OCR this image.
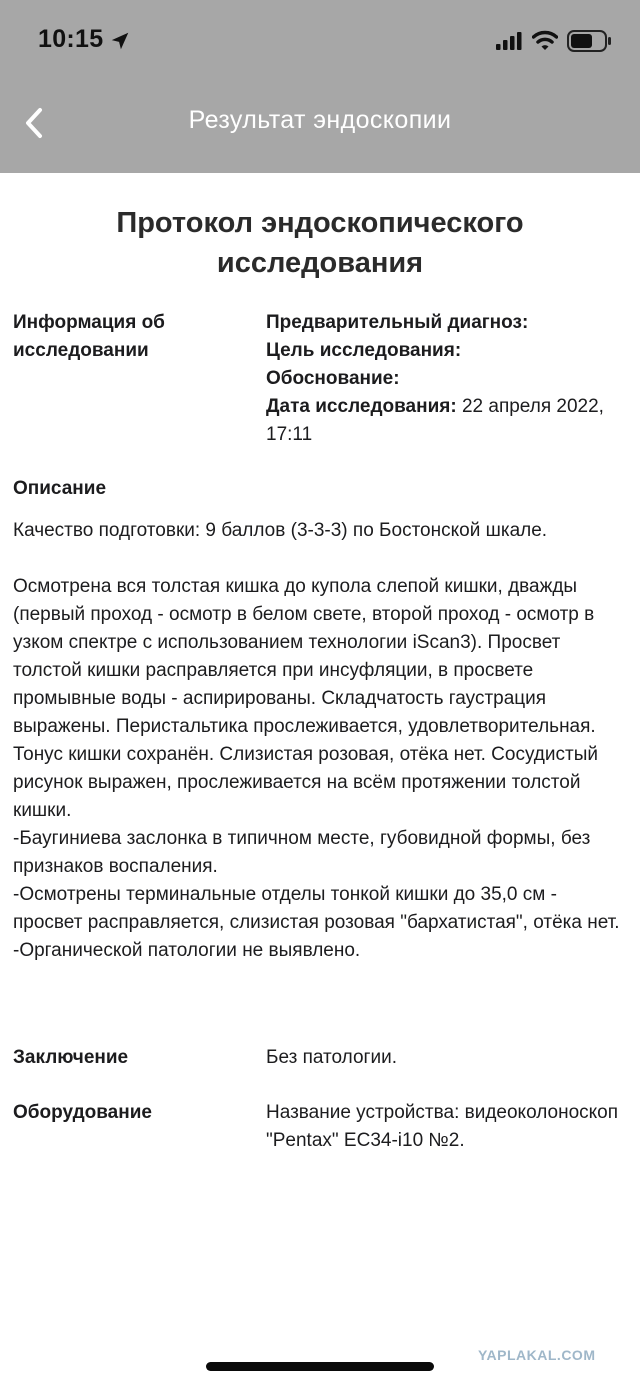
10:15
Результат эндоскопии
Протокол эндоскопического исследования
Информация об исследовании
Предварительный диагноз:
Цель исследования:
Обоснование:
Дата исследования: 22 апреля 2022, 17:11
Описание

Качество подготовки: 9 баллов (3-3-3) по Бостонской шкале.

Осмотрена вся толстая кишка до купола слепой кишки, дважды (первый проход - осмотр в белом свете, второй проход - осмотр в узком спектре с использованием технологии iScan3). Просвет толстой кишки расправляется при инсуфляции, в просвете промывные воды - аспирированы. Складчатость гаустрация выражены. Перистальтика прослеживается, удовлетворительная. Тонус кишки сохранён. Слизистая розовая, отёка нет. Сосудистый рисунок выражен, прослеживается на всём протяжении толстой кишки.

-Баугиниева заслонка в типичном месте, губовидной формы, без признаков воспаления.

-Осмотрены терминальные отделы тонкой кишки до 35,0 см - просвет расправляется, слизистая розовая "бархатистая", отёка нет.

-Органической патологии не выявлено.

Заключение	Без патологии.
Оборудование	Название устройства: видеоколоноскоп "Pentax" EC34-i10 №2.
YAPLAKAL.COM
